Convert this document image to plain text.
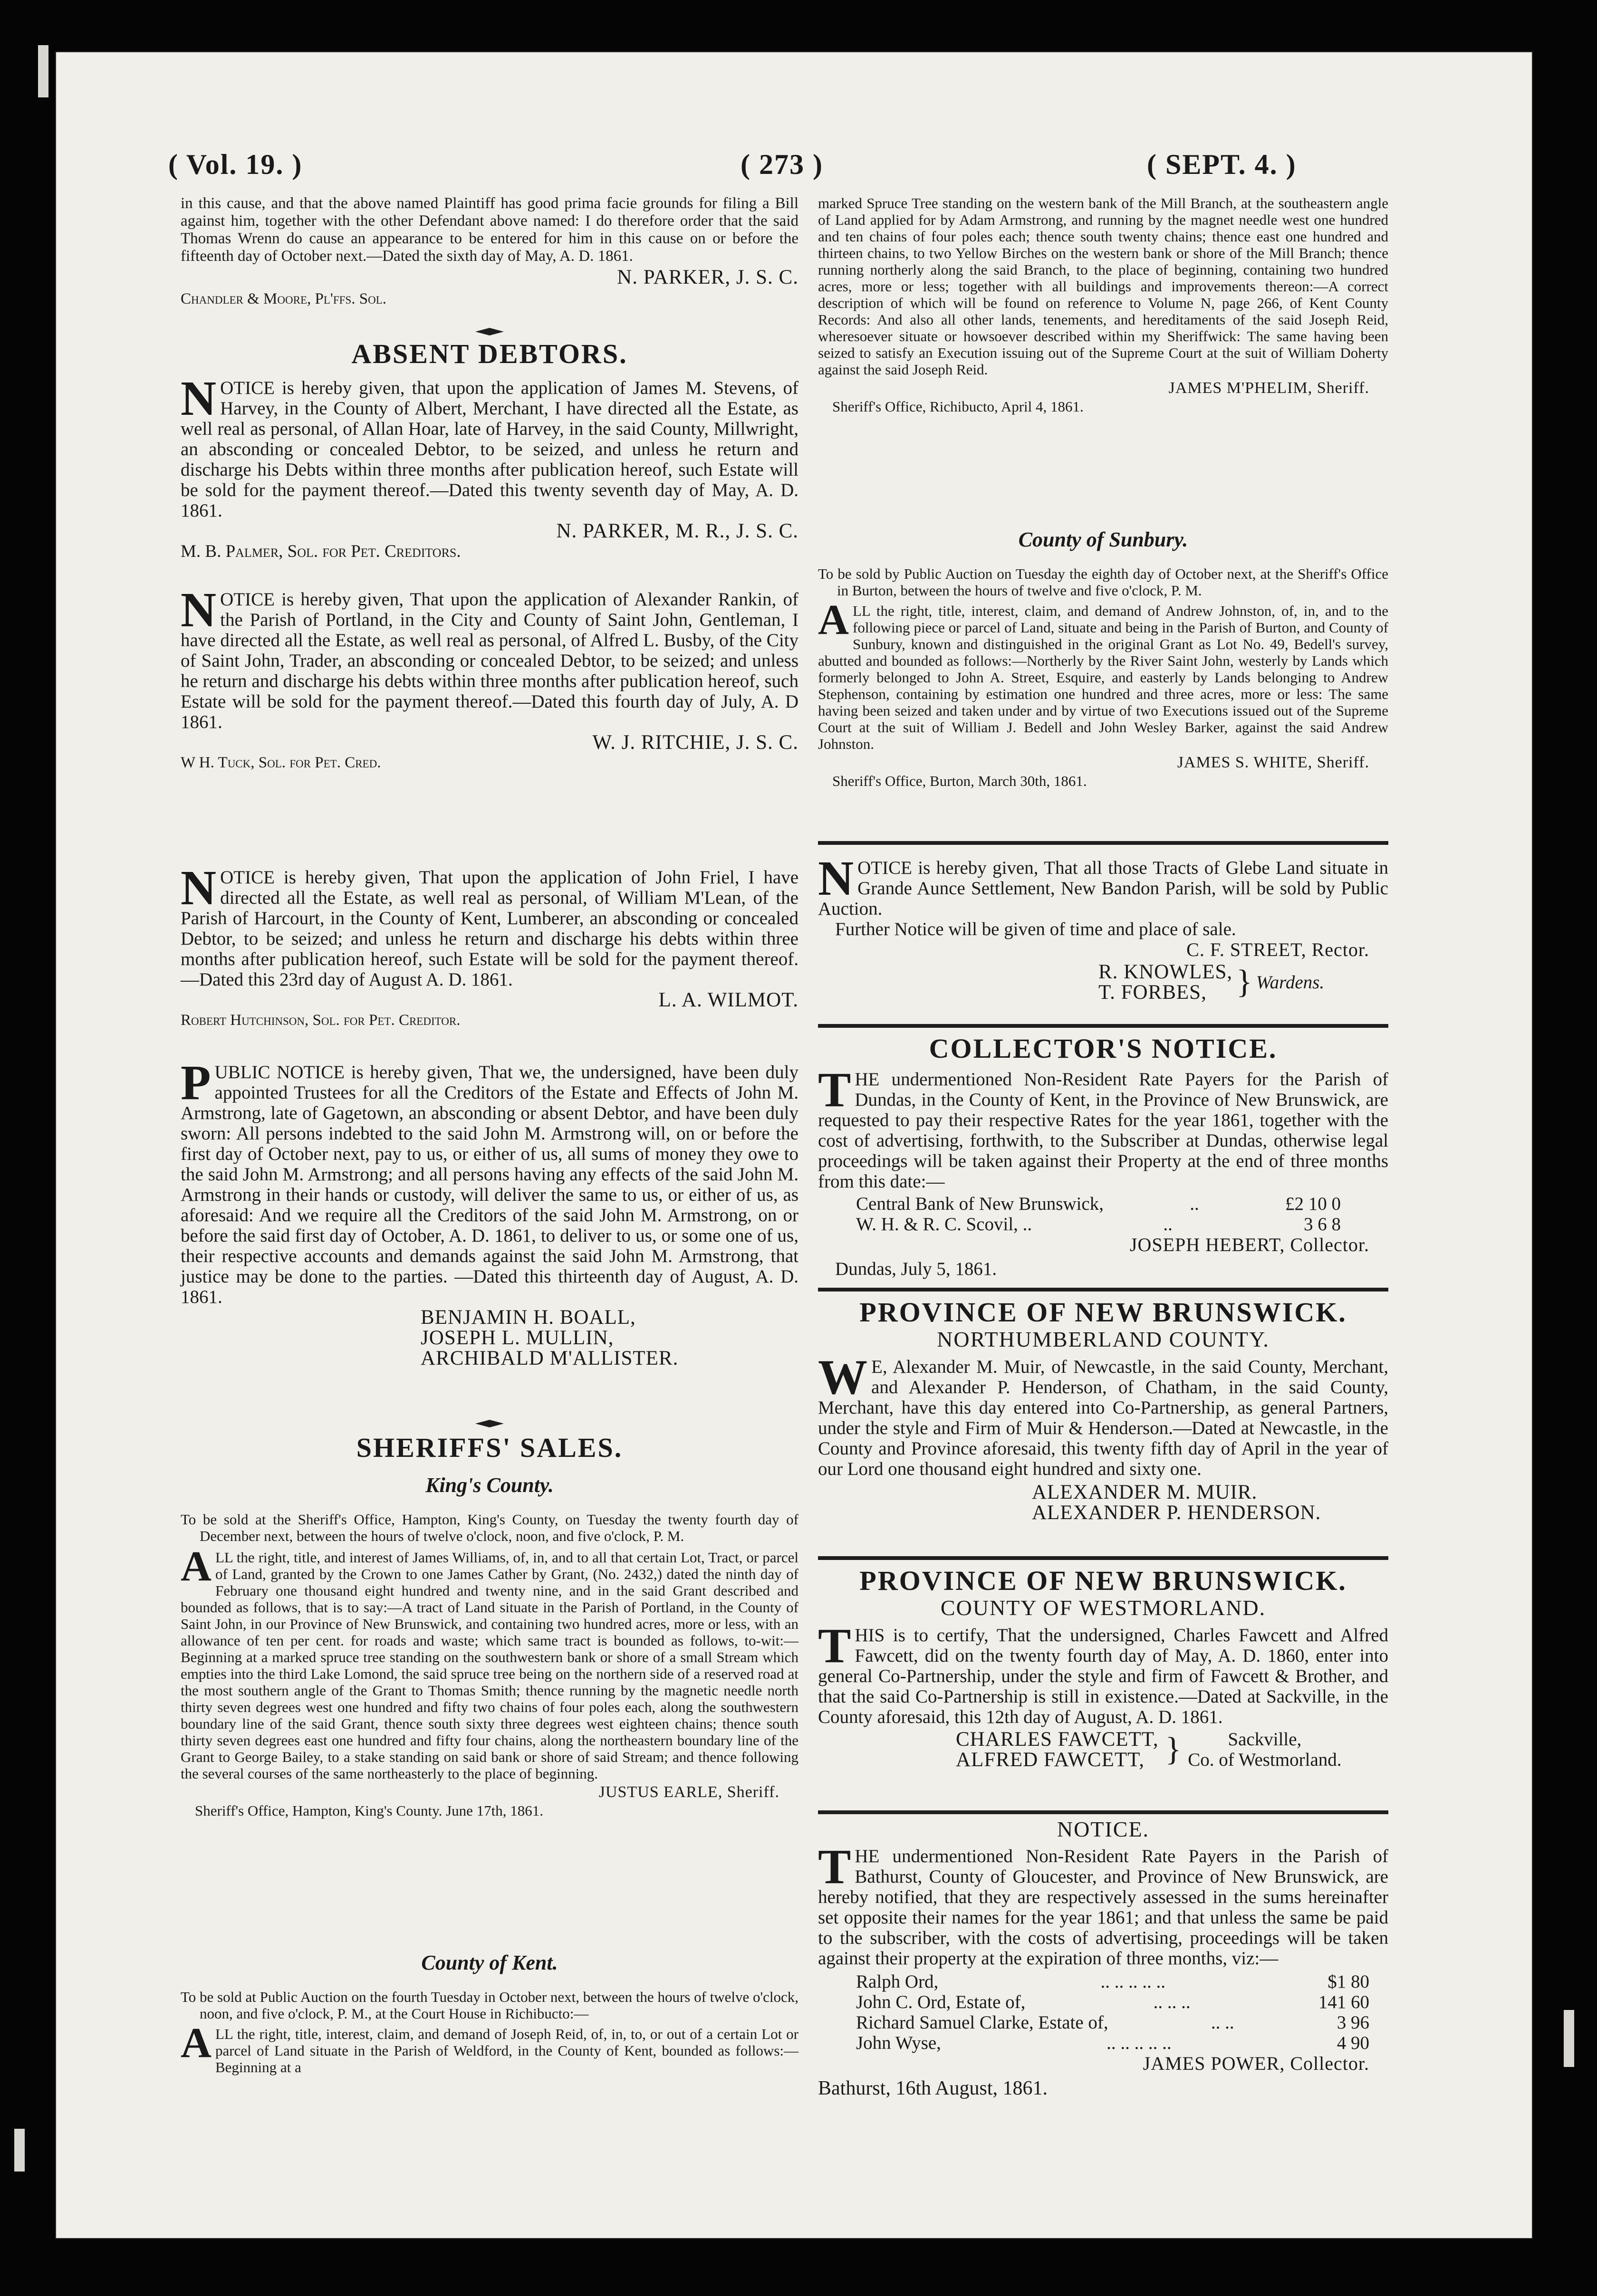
( Vol. 19. )	( 273 )	( SEPT. 4. )

in this cause, and that the above named Plaintiff has good prima facie grounds for filing a Bill against him, together with the other Defendant above named: I do therefore order that the said Thomas Wrenn do cause an appearance to be entered for him in this cause on or before the fifteenth day of October next.—Dated the sixth day of May, A. D. 1861.

N. PARKER, J. S. C.

Chandler & Moore, Pl'ffs. Sol.

ABSENT DEBTORS.

N OTICE is hereby given, that upon the application of James M. Stevens, of Harvey, in the County of Albert, Merchant, I have directed all the Estate, as well real as personal, of Allan Hoar, late of Harvey, in the said County, Millwright, an absconding or concealed Debtor, to be seized, and unless he return and discharge his Debts within three months after publication hereof, such Estate will be sold for the payment thereof.—Dated this twenty seventh day of May, A. D. 1861.

N. PARKER, M. R., J. S. C.

M. B. Palmer, Sol. for Pet. Creditors.

N OTICE is hereby given, That upon the application of Alexander Rankin, of the Parish of Portland, in the City and County of Saint John, Gentleman, I have directed all the Estate, as well real as personal, of Alfred L. Busby, of the City of Saint John, Trader, an absconding or concealed Debtor, to be seized; and unless he return and discharge his debts within three months after publication hereof, such Estate will be sold for the payment thereof.—Dated this fourth day of July, A. D 1861.

W. J. RITCHIE, J. S. C.

W H. Tuck, Sol. for Pet. Cred.

N OTICE is hereby given, That upon the application of John Friel, I have directed all the Estate, as well real as personal, of William M'Lean, of the Parish of Harcourt, in the County of Kent, Lumberer, an absconding or concealed Debtor, to be seized; and unless he return and discharge his debts within three months after publication hereof, such Estate will be sold for the payment thereof.—Dated this 23rd day of August A. D. 1861.

L. A. WILMOT.

Robert Hutchinson, Sol. for Pet. Creditor.

P UBLIC NOTICE is hereby given, That we, the undersigned, have been duly appointed Trustees for all the Creditors of the Estate and Effects of John M. Armstrong, late of Gagetown, an absconding or absent Debtor, and have been duly sworn: All persons indebted to the said John M. Armstrong will, on or before the first day of October next, pay to us, or either of us, all sums of money they owe to the said John M. Armstrong; and all persons having any effects of the said John M. Armstrong in their hands or custody, will deliver the same to us, or either of us, as aforesaid: And we require all the Creditors of the said John M. Armstrong, on or before the said first day of October, A. D. 1861, to deliver to us, or some one of us, their respective accounts and demands against the said John M. Armstrong, that justice may be done to the parties. —Dated this thirteenth day of August, A. D. 1861.

BENJAMIN H. BOALL,

JOSEPH L. MULLIN,

ARCHIBALD M'ALLISTER.

SHERIFFS' SALES.

King's County.

To be sold at the Sheriff's Office, Hampton, King's County, on Tuesday the twenty fourth day of December next, between the hours of twelve o'clock, noon, and five o'clock, P. M.

A LL the right, title, and interest of James Williams, of, in, and to all that certain Lot, Tract, or parcel of Land, granted by the Crown to one James Cather by Grant, (No. 2432,) dated the ninth day of February one thousand eight hundred and twenty nine, and in the said Grant described and bounded as follows, that is to say:—A tract of Land situate in the Parish of Portland, in the County of Saint John, in our Province of New Brunswick, and containing two hundred acres, more or less, with an allowance of ten per cent. for roads and waste; which same tract is bounded as follows, to-wit:—Beginning at a marked spruce tree standing on the southwestern bank or shore of a small Stream which empties into the third Lake Lomond, the said spruce tree being on the northern side of a reserved road at the most southern angle of the Grant to Thomas Smith; thence running by the magnetic needle north thirty seven degrees west one hundred and fifty two chains of four poles each, along the southwestern boundary line of the said Grant, thence south sixty three degrees west eighteen chains; thence south thirty seven degrees east one hundred and fifty four chains, along the northeastern boundary line of the Grant to George Bailey, to a stake standing on said bank or shore of said Stream; and thence following the several courses of the same northeasterly to the place of beginning.

JUSTUS EARLE, Sheriff.

Sheriff's Office, Hampton, King's County. June 17th, 1861.

County of Kent.

To be sold at Public Auction on the fourth Tuesday in October next, between the hours of twelve o'clock, noon, and five o'clock, P. M., at the Court House in Richibucto:—

A LL the right, title, interest, claim, and demand of Joseph Reid, of, in, to, or out of a certain Lot or parcel of Land situate in the Parish of Weldford, in the County of Kent, bounded as follows:—Beginning at a

marked Spruce Tree standing on the western bank of the Mill Branch, at the southeastern angle of Land applied for by Adam Armstrong, and running by the magnet needle west one hundred and ten chains of four poles each; thence south twenty chains; thence east one hundred and thirteen chains, to two Yellow Birches on the western bank or shore of the Mill Branch; thence running northerly along the said Branch, to the place of beginning, containing two hundred acres, more or less; together with all buildings and improvements thereon:—A correct description of which will be found on reference to Volume N, page 266, of Kent County Records: And also all other lands, tenements, and hereditaments of the said Joseph Reid, wheresoever situate or howsoever described within my Sheriffwick: The same having been seized to satisfy an Execution issuing out of the Supreme Court at the suit of William Doherty against the said Joseph Reid.

JAMES M'PHELIM, Sheriff.

Sheriff's Office, Richibucto, April 4, 1861.

County of Sunbury.

To be sold by Public Auction on Tuesday the eighth day of October next, at the Sheriff's Office in Burton, between the hours of twelve and five o'clock, P. M.

A LL the right, title, interest, claim, and demand of Andrew Johnston, of, in, and to the following piece or parcel of Land, situate and being in the Parish of Burton, and County of Sunbury, known and distinguished in the original Grant as Lot No. 49, Bedell's survey, abutted and bounded as follows:—Northerly by the River Saint John, westerly by Lands which formerly belonged to John A. Street, Esquire, and easterly by Lands belonging to Andrew Stephenson, containing by estimation one hundred and three acres, more or less: The same having been seized and taken under and by virtue of two Executions issued out of the Supreme Court at the suit of William J. Bedell and John Wesley Barker, against the said Andrew Johnston.

JAMES S. WHITE, Sheriff.

Sheriff's Office, Burton, March 30th, 1861.

N OTICE is hereby given, That all those Tracts of Glebe Land situate in Grande Aunce Settlement, New Bandon Parish, will be sold by Public Auction.

Further Notice will be given of time and place of sale.

C. F. STREET, Rector.

R. KNOWLES,

T. FORBES, } Wardens.

COLLECTOR'S NOTICE.

T HE undermentioned Non-Resident Rate Payers for the Parish of Dundas, in the County of Kent, in the Province of New Brunswick, are requested to pay their respective Rates for the year 1861, together with the cost of advertising, forthwith, to the Subscriber at Dundas, otherwise legal proceedings will be taken against their Property at the end of three months from this date:—

Central Bank of New Brunswick,	..	£2 10 0
W. H. & R. C. Scovil, ..	..	3 6 8

JOSEPH HEBERT, Collector.

Dundas, July 5, 1861.

PROVINCE OF NEW BRUNSWICK.

NORTHUMBERLAND COUNTY.

W E, Alexander M. Muir, of Newcastle, in the said County, Merchant, and Alexander P. Henderson, of Chatham, in the said County, Merchant, have this day entered into Co-Partnership, as general Partners, under the style and Firm of Muir & Henderson.—Dated at Newcastle, in the County and Province aforesaid, this twenty fifth day of April in the year of our Lord one thousand eight hundred and sixty one.

ALEXANDER M. MUIR.

ALEXANDER P. HENDERSON.

PROVINCE OF NEW BRUNSWICK.

COUNTY OF WESTMORLAND.

T HIS is to certify, That the undersigned, Charles Fawcett and Alfred Fawcett, did on the twenty fourth day of May, A. D. 1860, enter into general Co-Partnership, under the style and firm of Fawcett & Brother, and that the said Co-Partnership is still in existence.—Dated at Sackville, in the County aforesaid, this 12th day of August, A. D. 1861.

CHARLES FAWCETT,

ALFRED FAWCETT, }	Sackville,

Co. of Westmorland.

NOTICE.

T HE undermentioned Non-Resident Rate Payers in the Parish of Bathurst, County of Gloucester, and Province of New Brunswick, are hereby notified, that they are respectively assessed in the sums hereinafter set opposite their names for the year 1861; and that unless the same be paid to the subscriber, with the costs of advertising, proceedings will be taken against their property at the expiration of three months, viz:—

Ralph Ord,	.. .. .. .. ..	$1 80
John C. Ord, Estate of,	.. .. ..	141 60
Richard Samuel Clarke, Estate of,	.. ..	3 96
John Wyse,	.. .. .. .. ..	4 90

JAMES POWER, Collector.

Bathurst, 16th August, 1861.
